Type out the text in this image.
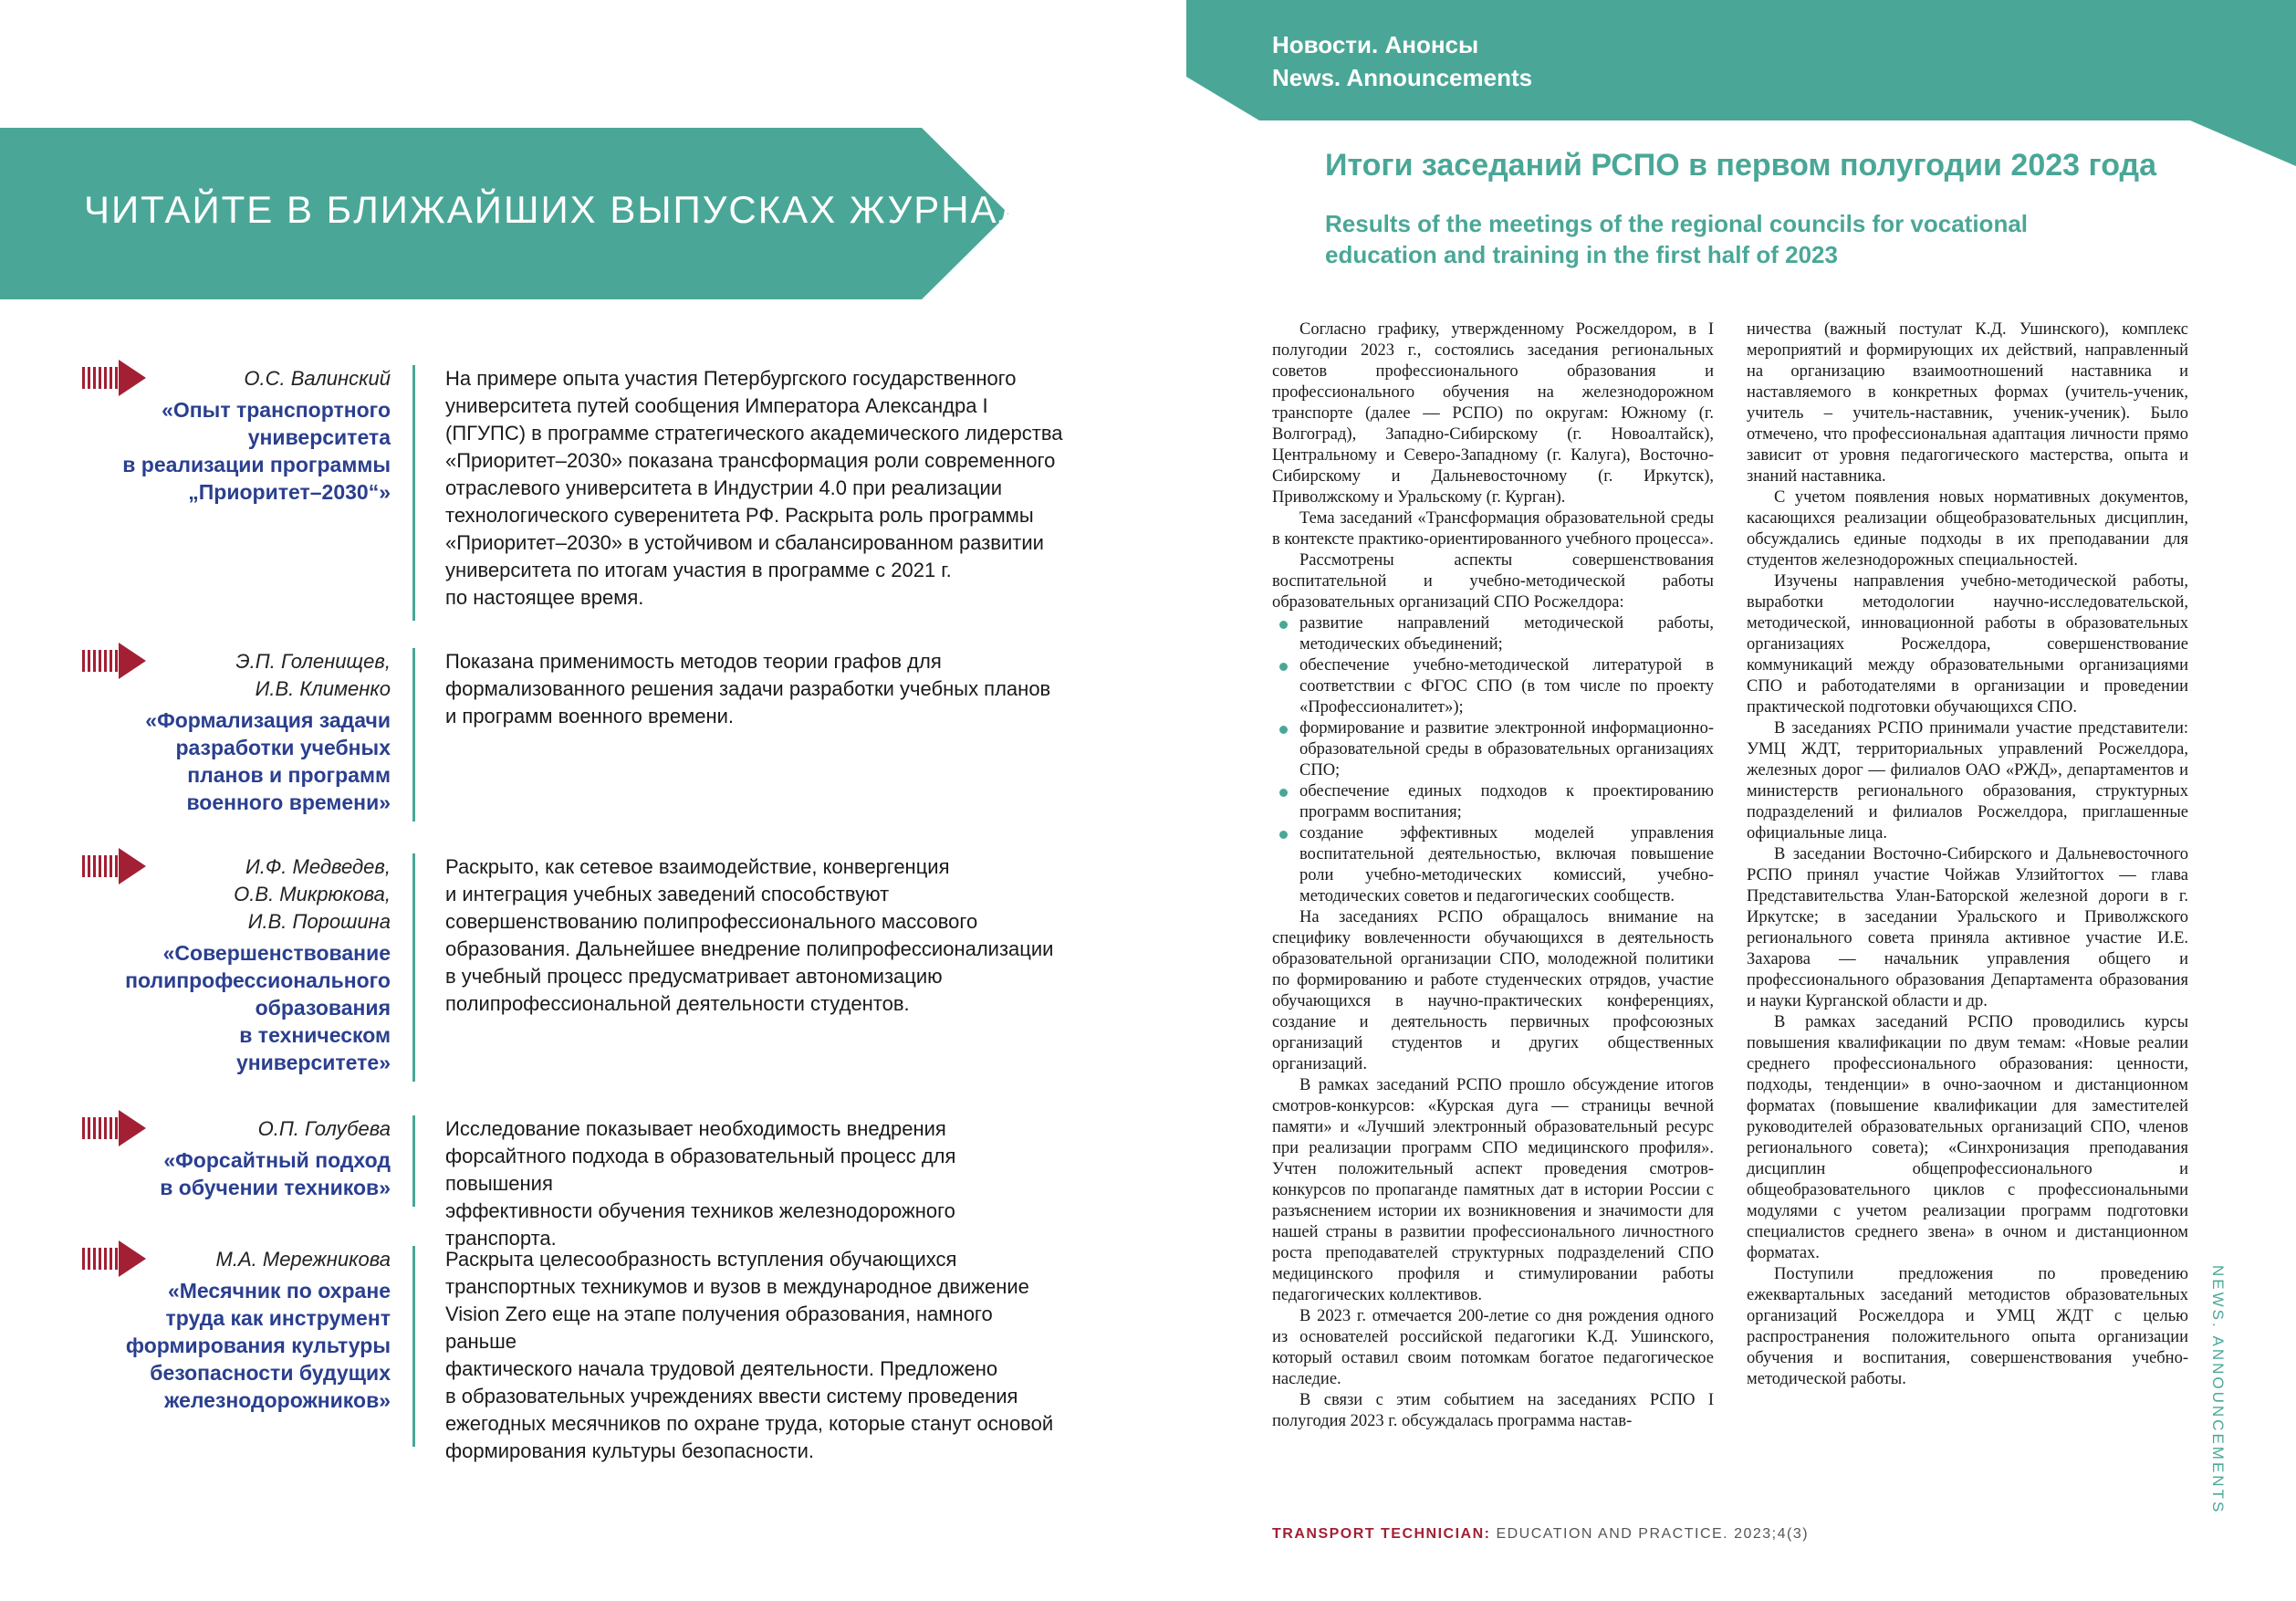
ЧИТАЙТЕ В БЛИЖАЙШИХ ВЫПУСКАХ ЖУРНАЛА...
О.С. Валинский
«Опыт транспортного
университета
в реализации программы
„Приоритет–2030“»
На примере опыта участия Петербургского государственного
университета путей сообщения Императора Александра I
(ПГУПС) в программе стратегического академического лидерства
«Приоритет–2030» показана трансформация роли современного
отраслевого университета в Индустрии 4.0 при реализации
технологического суверенитета РФ. Раскрыта роль программы
«Приоритет–2030» в устойчивом и сбалансированном развитии
университета по итогам участия в программе с 2021 г.
по настоящее время.
Э.П. Голенищев,
И.В. Клименко
«Формализация задачи
разработки учебных
планов и программ
военного времени»
Показана применимость методов теории графов для
формализованного решения задачи разработки учебных планов
и программ военного времени.
И.Ф. Медведев,
О.В. Микрюкова,
И.В. Порошина
«Совершенствование
полипрофессионального
образования
в техническом
университете»
Раскрыто, как сетевое взаимодействие, конвергенция
и интеграция учебных заведений способствуют
совершенствованию полипрофессионального массового
образования. Дальнейшее внедрение полипрофессионализации
в учебный процесс предусматривает автономизацию
полипрофессиональной деятельности студентов.
О.П. Голубева
«Форсайтный подход
в обучении техников»
Исследование показывает необходимость внедрения
форсайтного подхода в образовательный процесс для повышения
эффективности обучения техников железнодорожного транспорта.
М.А. Мережникова
«Месячник по охране
труда как инструмент
формирования культуры
безопасности будущих
железнодорожников»
Раскрыта целесообразность вступления обучающихся
транспортных техникумов и вузов в международное движение
Vision Zero еще на этапе получения образования, намного раньше
фактического начала трудовой деятельности. Предложено
в образовательных учреждениях ввести систему проведения
ежегодных месячников по охране труда, которые станут основой
формирования культуры безопасности.
Новости. Анонсы
News. Announcements
Итоги заседаний РСПО в первом полугодии 2023 года
Results of the meetings of the regional councils for vocational education and training in the first half of 2023

Согласно графику, утвержденному Росжелдором, в I полугодии 2023 г., состоялись заседания региональных советов профессионального образования и профессионального обучения на железнодорожном транспорте (далее — РСПО) по округам: Южному (г. Волгоград), Западно-Сибирскому (г. Новоалтайск), Центральному и Северо-Западному (г. Калуга), Восточно-Сибирскому и Дальневосточному (г. Иркутск), Приволжскому и Уральскому (г. Курган).

Тема заседаний «Трансформация образовательной среды в контексте практико-ориентированного учебного процесса».

Рассмотрены аспекты совершенствования воспитательной и учебно-методической работы образовательных организаций СПО Росжелдора:

развитие направлений методической работы, методических объединений;
обеспечение учебно-методической литературой в соответствии с ФГОС СПО (в том числе по проекту «Профессионалитет»);
формирование и развитие электронной информационно-образовательной среды в образовательных организациях СПО;
обеспечение единых подходов к проектированию программ воспитания;
создание эффективных моделей управления воспитательной деятельностью, включая повышение роли учебно-методических комиссий, учебно-методических советов и педагогических сообществ.

На заседаниях РСПО обращалось внимание на специфику вовлеченности обучающихся в деятельность образовательной организации СПО, молодежной политики по формированию и работе студенческих отрядов, участие обучающихся в научно-практических конференциях, создание и деятельность первичных профсоюзных организаций студентов и других общественных организаций.

В рамках заседаний РСПО прошло обсуждение итогов смотров-конкурсов: «Курская дуга — страницы вечной памяти» и «Лучший электронный образовательный ресурс при реализации программ СПО медицинского профиля». Учтен положительный аспект проведения смотров-конкурсов по пропаганде памятных дат в истории России с разъяснением истории их возникновения и значимости для нашей страны в развитии профессионального личностного роста преподавателей структурных подразделений СПО медицинского профиля и стимулировании работы педагогических коллективов.

В 2023 г. отмечается 200-летие со дня рождения одного из основателей российской педагогики К.Д. Ушинского, который оставил своим потомкам богатое педагогическое наследие.

В связи с этим событием на заседаниях РСПО I полугодия 2023 г. обсуждалась программа настав-

ничества (важный постулат К.Д. Ушинского), комплекс мероприятий и формирующих их действий, направленный на организацию взаимоотношений наставника и наставляемого в конкретных формах (учитель-ученик, учитель – учитель-наставник, ученик-ученик). Было отмечено, что профессиональная адаптация личности прямо зависит от уровня педагогического мастерства, опыта и знаний наставника.

С учетом появления новых нормативных документов, касающихся реализации общеобразовательных дисциплин, обсуждались единые подходы в их преподавании для студентов железнодорожных специальностей.

Изучены направления учебно-методической работы, выработки методологии научно-исследовательской, методической, инновационной работы в образовательных организациях Росжелдора, совершенствование коммуникаций между образовательными организациями СПО и работодателями в организации и проведении практической подготовки обучающихся СПО.

В заседаниях РСПО принимали участие представители: УМЦ ЖДТ, территориальных управлений Росжелдора, железных дорог — филиалов ОАО «РЖД», департаментов и министерств регионального образования, структурных подразделений и филиалов Росжелдора, приглашенные официальные лица.

В заседании Восточно-Сибирского и Дальневосточного РСПО принял участие Чойжав Улзийтогтох — глава Представительства Улан-Баторской железной дороги в г. Иркутске; в заседании Уральского и Приволжского регионального совета приняла активное участие И.Е. Захарова — начальник управления общего и профессионального образования Департамента образования и науки Курганской области и др.

В рамках заседаний РСПО проводились курсы повышения квалификации по двум темам: «Новые реалии среднего профессионального образования: ценности, подходы, тенденции» в очно-заочном и дистанционном форматах (повышение квалификации для заместителей руководителей образовательных организаций СПО, членов регионального совета); «Синхронизация преподавания дисциплин общепрофессионального и общеобразовательного циклов с профессиональными модулями с учетом реализации программ подготовки специалистов среднего звена» в очном и дистанционном форматах.

Поступили предложения по проведению ежеквартальных заседаний методистов образовательных организаций Росжелдора и УМЦ ЖДТ с целью распространения положительного опыта организации обучения и воспитания, совершенствования учебно-методической работы.	NEWS. ANNOUNCEMENTS
TRANSPORT TECHNICIAN: EDUCATION AND PRACTICE. 2023;4(3)
